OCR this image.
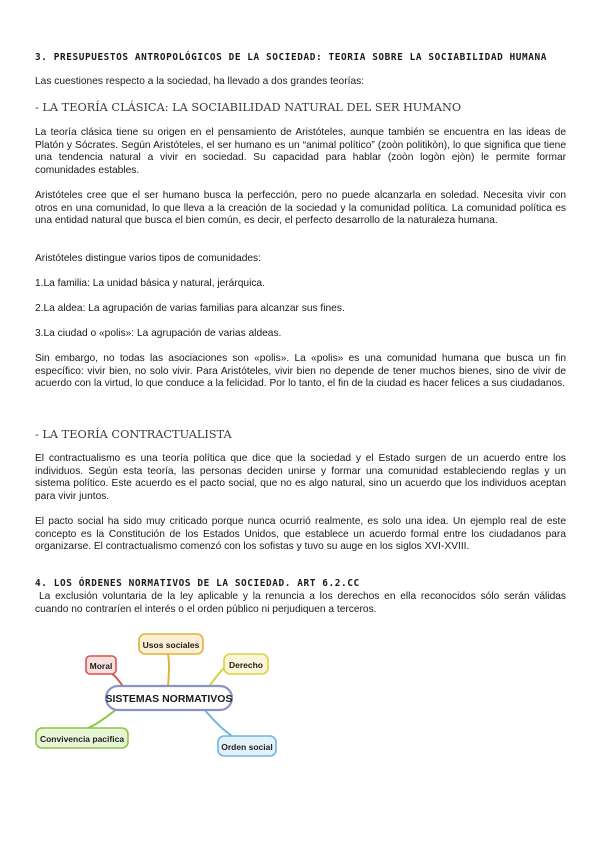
3. PRESUPUESTOS ANTROPOLÓGICOS DE LA SOCIEDAD: TEORIA SOBRE LA SOCIABILIDAD HUMANA

Las cuestiones respecto a la sociedad, ha llevado a dos grandes teorías:

- LA TEORÍA CLÁSICA: LA SOCIABILIDAD NATURAL DEL SER HUMANO

La teoría clásica tiene su origen en el pensamiento de Aristóteles, aunque también se encuentra en las ideas de Platón y Sócrates. Según Aristóteles, el ser humano es un “animal político” (zoòn politikòn), lo que significa que tiene una tendencia natural a vivir en sociedad. Su capacidad para hablar (zoòn logòn ejòn) le permite formar comunidades estables.

Aristóteles cree que el ser humano busca la perfección, pero no puede alcanzarla en soledad. Necesita vivir con otros en una comunidad, lo que lleva a la creación de la sociedad y la comunidad política. La comunidad política es una entidad natural que busca el bien común, es decir, el perfecto desarrollo de la naturaleza humana.

Aristóteles distingue varios tipos de comunidades:

1.La familia: La unidad básica y natural, jerárquica.

2.La aldea: La agrupación de varias familias para alcanzar sus fines.

3.La ciudad o «polis»: La agrupación de varias aldeas.

Sin embargo, no todas las asociaciones son «polis». La «polis» es una comunidad humana que busca un fin específico: vivir bien, no solo vivir. Para Aristóteles, vivir bien no depende de tener muchos bienes, sino de vivir de acuerdo con la virtud, lo que conduce a la felicidad. Por lo tanto, el fin de la ciudad es hacer felices a sus ciudadanos.

- LA TEORÍA CONTRACTUALISTA

El contractualismo es una teoría política que dice que la sociedad y el Estado surgen de un acuerdo entre los individuos. Según esta teoría, las personas deciden unirse y formar una comunidad estableciendo reglas y un sistema político. Este acuerdo es el pacto social, que no es algo natural, sino un acuerdo que los individuos aceptan para vivir juntos.

El pacto social ha sido muy criticado porque nunca ocurrió realmente, es solo una idea. Un ejemplo real de este concepto es la Constitución de los Estados Unidos, que establece un acuerdo formal entre los ciudadanos para organizarse. El contractualismo comenzó con los sofistas y tuvo su auge en los siglos XVI-XVIII.

4. LOS ÓRDENES NORMATIVOS DE LA SOCIEDAD. ART 6.2.CC

La exclusión voluntaria de la ley aplicable y la renuncia a los derechos en ella reconocidos sólo serán válidas cuando no contraríen el interés o el orden público ni perjudiquen a terceros.

SISTEMAS NORMATIVOS
Moral
Usos sociales
Derecho
Convivencia pacifica
Orden social
